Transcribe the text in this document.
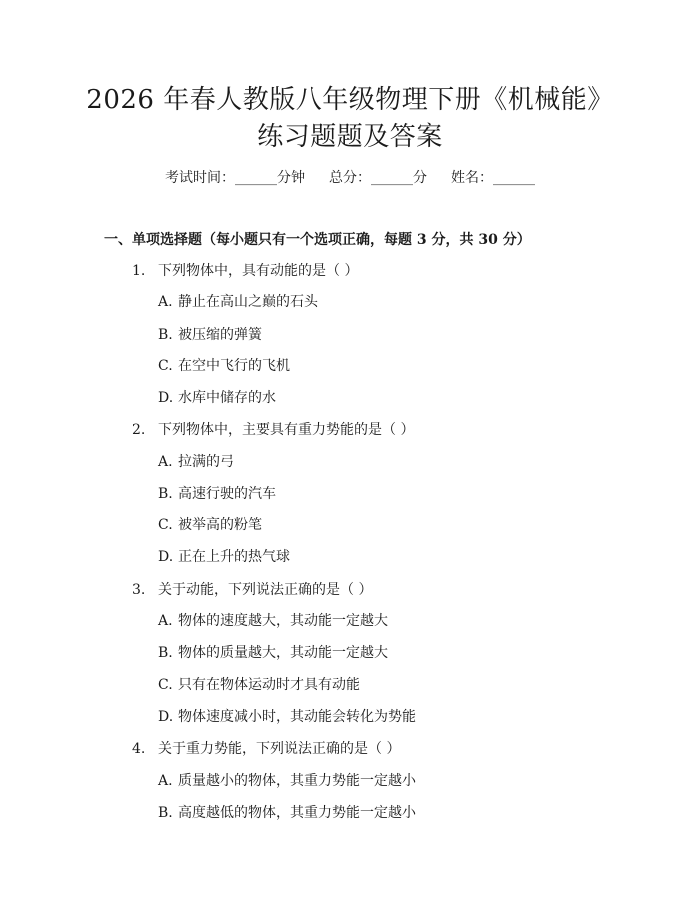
2026 年春人教版八年级物理下册《机械能》
练习题题及答案
考试时间：______分钟 总分：______分 姓名：______
一、单项选择题（每小题只有一个选项正确，每题 3 分，共 30 分）
1. 下列物体中，具有动能的是（ ）
A. 静止在高山之巅的石头
B. 被压缩的弹簧
C. 在空中飞行的飞机
D. 水库中储存的水
2. 下列物体中，主要具有重力势能的是（ ）
A. 拉满的弓
B. 高速行驶的汽车
C. 被举高的粉笔
D. 正在上升的热气球
3. 关于动能，下列说法正确的是（ ）
A. 物体的速度越大，其动能一定越大
B. 物体的质量越大，其动能一定越大
C. 只有在物体运动时才具有动能
D. 物体速度减小时，其动能会转化为势能
4. 关于重力势能，下列说法正确的是（ ）
A. 质量越小的物体，其重力势能一定越小
B. 高度越低的物体，其重力势能一定越小
